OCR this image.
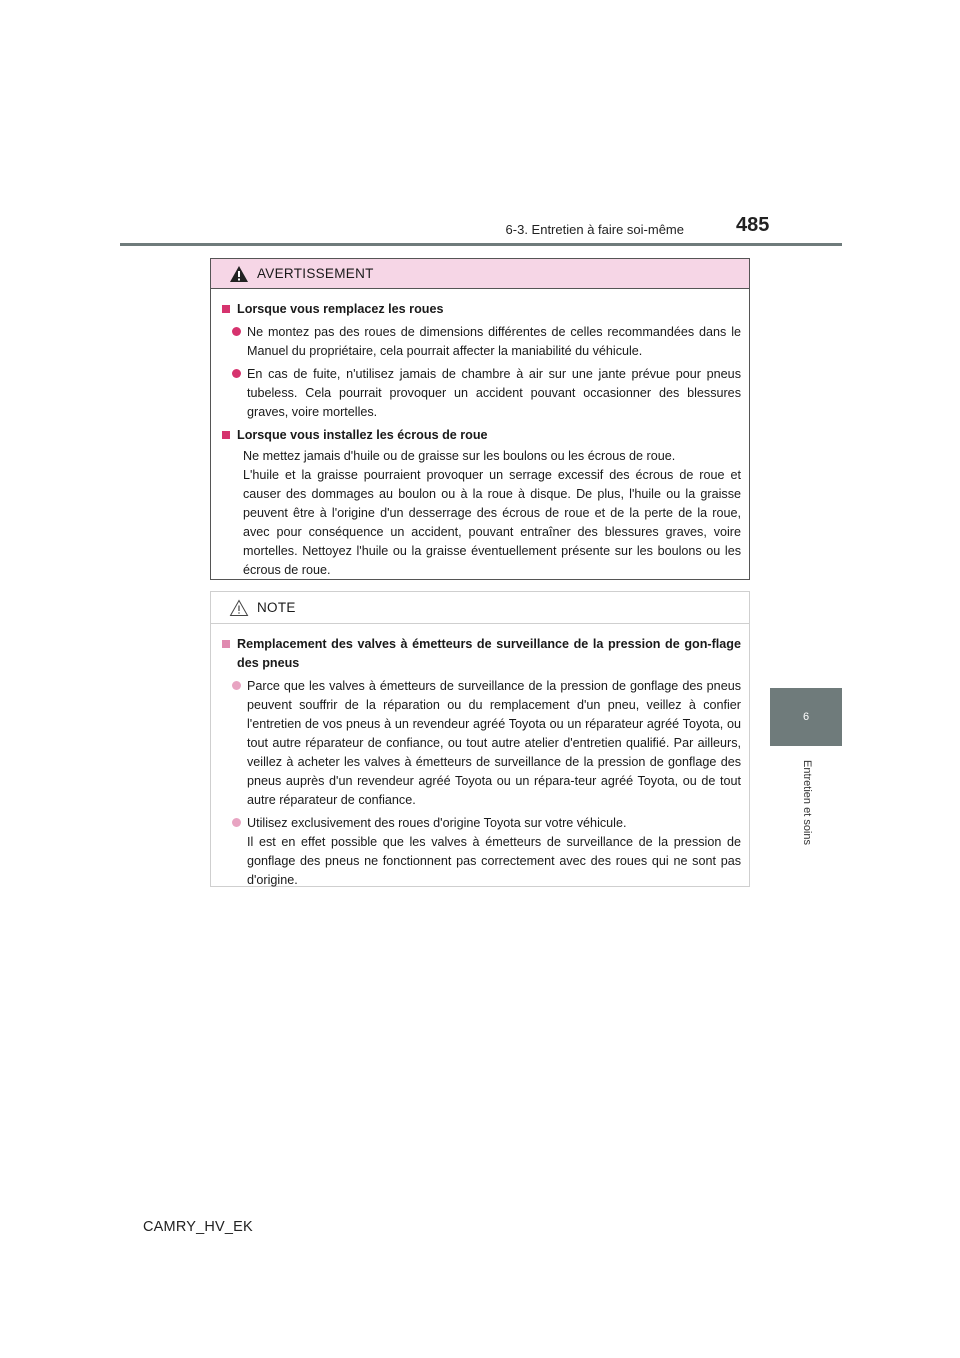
6-3. Entretien à faire soi-même	485
6
Entretien et soins
AVERTISSEMENT
Lorsque vous remplacez les roues
Ne montez pas des roues de dimensions différentes de celles recommandées dans le Manuel du propriétaire, cela pourrait affecter la maniabilité du véhicule.
En cas de fuite, n'utilisez jamais de chambre à air sur une jante prévue pour pneus tubeless. Cela pourrait provoquer un accident pouvant occasionner des blessures graves, voire mortelles.
Lorsque vous installez les écrous de roue
Ne mettez jamais d'huile ou de graisse sur les boulons ou les écrous de roue.
L'huile et la graisse pourraient provoquer un serrage excessif des écrous de roue et causer des dommages au boulon ou à la roue à disque. De plus, l'huile ou la graisse peuvent être à l'origine d'un desserrage des écrous de roue et de la perte de la roue, avec pour conséquence un accident, pouvant entraîner des blessures graves, voire mortelles. Nettoyez l'huile ou la graisse éventuellement présente sur les boulons ou les écrous de roue.
NOTE
Remplacement des valves à émetteurs de surveillance de la pression de gon-flage des pneus
Parce que les valves à émetteurs de surveillance de la pression de gonflage des pneus peuvent souffrir de la réparation ou du remplacement d'un pneu, veillez à confier l'entretien de vos pneus à un revendeur agréé Toyota ou un réparateur agréé Toyota, ou tout autre réparateur de confiance, ou tout autre atelier d'entretien qualifié. Par ailleurs, veillez à acheter les valves à émetteurs de surveillance de la pression de gonflage des pneus auprès d'un revendeur agréé Toyota ou un répara-teur agréé Toyota, ou de tout autre réparateur de confiance.
Utilisez exclusivement des roues d'origine Toyota sur votre véhicule.
Il est en effet possible que les valves à émetteurs de surveillance de la pression de gonflage des pneus ne fonctionnent pas correctement avec des roues qui ne sont pas d'origine.
CAMRY_HV_EK
